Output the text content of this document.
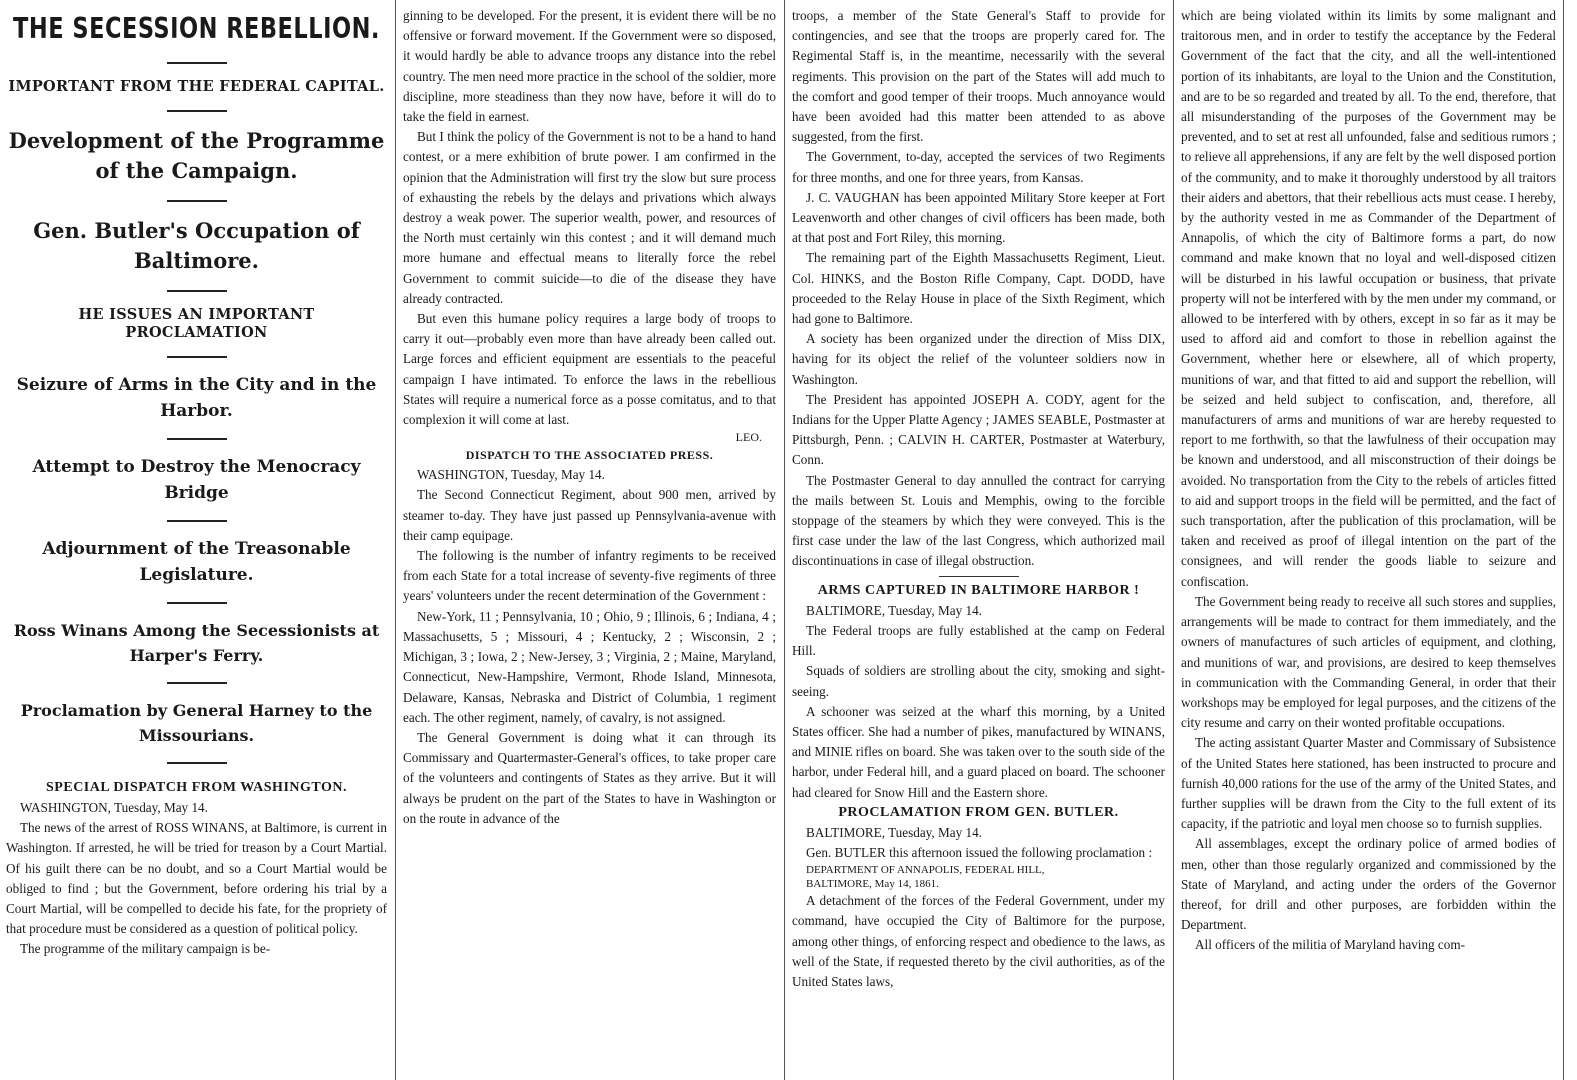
THE SECESSION REBELLION.
IMPORTANT FROM THE FEDERAL CAPITAL.
Development of the Programme of the Campaign.
Gen. Butler's Occupation of Baltimore.
HE ISSUES AN IMPORTANT PROCLAMATION
Seizure of Arms in the City and in the Harbor.
Attempt to Destroy the Menocracy Bridge
Adjournment of the Treasonable Legislature.
Ross Winans Among the Secessionists at Harper's Ferry.
Proclamation by General Harney to the Missourians.
SPECIAL DISPATCH FROM WASHINGTON.

WASHINGTON, Tuesday, May 14.

The news of the arrest of ROSS WINANS, at Baltimore, is current in Washington. If arrested, he will be tried for treason by a Court Martial. Of his guilt there can be no doubt, and so a Court Martial would be obliged to find ; but the Government, before ordering his trial by a Court Martial, will be compelled to decide his fate, for the propriety of that procedure must be considered as a question of political policy.

The programme of the military campaign is be-

ginning to be developed. For the present, it is evident there will be no offensive or forward movement. If the Government were so disposed, it would hardly be able to advance troops any distance into the rebel country. The men need more practice in the school of the soldier, more discipline, more steadiness than they now have, before it will do to take the field in earnest.

But I think the policy of the Government is not to be a hand to hand contest, or a mere exhibition of brute power. I am confirmed in the opinion that the Administration will first try the slow but sure process of exhausting the rebels by the delays and privations which always destroy a weak power. The superior wealth, power, and resources of the North must certainly win this contest ; and it will demand much more humane and effectual means to literally force the rebel Government to commit suicide—to die of the disease they have already contracted.

But even this humane policy requires a large body of troops to carry it out—probably even more than have already been called out. Large forces and efficient equipment are essentials to the peaceful campaign I have intimated. To enforce the laws in the rebellious States will require a numerical force as a posse comitatus, and to that complexion it will come at last.

LEO.
DISPATCH TO THE ASSOCIATED PRESS.

WASHINGTON, Tuesday, May 14.

The Second Connecticut Regiment, about 900 men, arrived by steamer to-day. They have just passed up Pennsylvania-avenue with their camp equipage.

The following is the number of infantry regiments to be received from each State for a total increase of seventy-five regiments of three years' volunteers under the recent determination of the Government :

New-York, 11 ; Pennsylvania, 10 ; Ohio, 9 ; Illinois, 6 ; Indiana, 4 ; Massachusetts, 5 ; Missouri, 4 ; Kentucky, 2 ; Wisconsin, 2 ; Michigan, 3 ; Iowa, 2 ; New-Jersey, 3 ; Virginia, 2 ; Maine, Maryland, Connecticut, New-Hampshire, Vermont, Rhode Island, Minnesota, Delaware, Kansas, Nebraska and District of Columbia, 1 regiment each. The other regiment, namely, of cavalry, is not assigned.

The General Government is doing what it can through its Commissary and Quartermaster-General's offices, to take proper care of the volunteers and contingents of States as they arrive. But it will always be prudent on the part of the States to have in Washington or on the route in advance of the

troops, a member of the State General's Staff to provide for contingencies, and see that the troops are properly cared for. The Regimental Staff is, in the meantime, necessarily with the several regiments. This provision on the part of the States will add much to the comfort and good temper of their troops. Much annoyance would have been avoided had this matter been attended to as above suggested, from the first.

The Government, to-day, accepted the services of two Regiments for three months, and one for three years, from Kansas.

J. C. VAUGHAN has been appointed Military Store keeper at Fort Leavenworth and other changes of civil officers has been made, both at that post and Fort Riley, this morning.

The remaining part of the Eighth Massachusetts Regiment, Lieut. Col. HINKS, and the Boston Rifle Company, Capt. DODD, have proceeded to the Relay House in place of the Sixth Regiment, which had gone to Baltimore.

A society has been organized under the direction of Miss DIX, having for its object the relief of the volunteer soldiers now in Washington.

The President has appointed JOSEPH A. CODY, agent for the Indians for the Upper Platte Agency ; JAMES SEABLE, Postmaster at Pittsburgh, Penn. ; CALVIN H. CARTER, Postmaster at Waterbury, Conn.

The Postmaster General to day annulled the contract for carrying the mails between St. Louis and Memphis, owing to the forcible stoppage of the steamers by which they were conveyed. This is the first case under the law of the last Congress, which authorized mail discontinuations in case of illegal obstruction.

ARMS CAPTURED IN BALTIMORE HARBOR !

BALTIMORE, Tuesday, May 14.

The Federal troops are fully established at the camp on Federal Hill.

Squads of soldiers are strolling about the city, smoking and sight-seeing.

A schooner was seized at the wharf this morning, by a United States officer. She had a number of pikes, manufactured by WINANS, and MINIE rifles on board. She was taken over to the south side of the harbor, under Federal hill, and a guard placed on board. The schooner had cleared for Snow Hill and the Eastern shore.

PROCLAMATION FROM GEN. BUTLER.

BALTIMORE, Tuesday, May 14.

Gen. BUTLER this afternoon issued the following proclamation :

DEPARTMENT OF ANNAPOLIS, FEDERAL HILL,

BALTIMORE, May 14, 1861.

A detachment of the forces of the Federal Government, under my command, have occupied the City of Baltimore for the purpose, among other things, of enforcing respect and obedience to the laws, as well of the State, if requested thereto by the civil authorities, as of the United States laws,

which are being violated within its limits by some malignant and traitorous men, and in order to testify the acceptance by the Federal Government of the fact that the city, and all the well-intentioned portion of its inhabitants, are loyal to the Union and the Constitution, and are to be so regarded and treated by all. To the end, therefore, that all misunderstanding of the purposes of the Government may be prevented, and to set at rest all unfounded, false and seditious rumors ; to relieve all apprehensions, if any are felt by the well disposed portion of the community, and to make it thoroughly understood by all traitors their aiders and abettors, that their rebellious acts must cease. I hereby, by the authority vested in me as Commander of the Department of Annapolis, of which the city of Baltimore forms a part, do now command and make known that no loyal and well-disposed citizen will be disturbed in his lawful occupation or business, that private property will not be interfered with by the men under my command, or allowed to be interfered with by others, except in so far as it may be used to afford aid and comfort to those in rebellion against the Government, whether here or elsewhere, all of which property, munitions of war, and that fitted to aid and support the rebellion, will be seized and held subject to confiscation, and, therefore, all manufacturers of arms and munitions of war are hereby requested to report to me forthwith, so that the lawfulness of their occupation may be known and understood, and all misconstruction of their doings be avoided. No transportation from the City to the rebels of articles fitted to aid and support troops in the field will be permitted, and the fact of such transportation, after the publication of this proclamation, will be taken and received as proof of illegal intention on the part of the consignees, and will render the goods liable to seizure and confiscation.

The Government being ready to receive all such stores and supplies, arrangements will be made to contract for them immediately, and the owners of manufactures of such articles of equipment, and clothing, and munitions of war, and provisions, are desired to keep themselves in communication with the Commanding General, in order that their workshops may be employed for legal purposes, and the citizens of the city resume and carry on their wonted profitable occupations.

The acting assistant Quarter Master and Commissary of Subsistence of the United States here stationed, has been instructed to procure and furnish 40,000 rations for the use of the army of the United States, and further supplies will be drawn from the City to the full extent of its capacity, if the patriotic and loyal men choose so to furnish supplies.

All assemblages, except the ordinary police of armed bodies of men, other than those regularly organized and commissioned by the State of Maryland, and acting under the orders of the Governor thereof, for drill and other purposes, are forbidden within the Department.

All officers of the militia of Maryland having com-
